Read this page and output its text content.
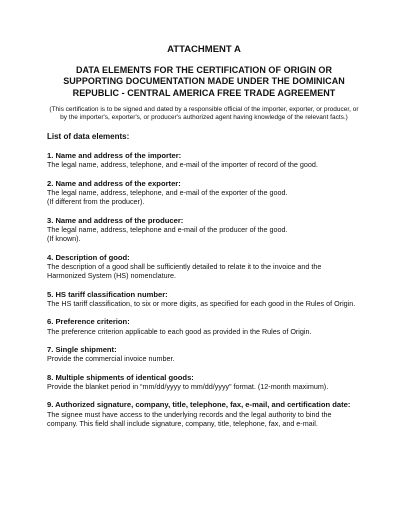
ATTACHMENT A

DATA ELEMENTS FOR THE CERTIFICATION OF ORIGIN OR SUPPORTING DOCUMENTATION MADE UNDER THE DOMINICAN REPUBLIC - CENTRAL AMERICA FREE TRADE AGREEMENT

(This certification is to be signed and dated by a responsible official of the importer, exporter, or producer, or by the importer's, exporter's, or producer's authorized agent having knowledge of the relevant facts.)

List of data elements:

1. Name and address of the importer:

The legal name, address, telephone, and e-mail of the importer of record of the good.

2. Name and address of the exporter:

The legal name, address, telephone, and e-mail of the exporter of the good.

(If different from the producer).

3. Name and address of the producer:

The legal name, address, telephone and e-mail of the producer of the good.

(If known).

4. Description of good:

The description of a good shall be sufficiently detailed to relate it to the invoice and the Harmonized System (HS) nomenclature.

5. HS tariff classification number:

The HS tariff classification, to six or more digits, as specified for each good in the Rules of Origin.

6. Preference criterion:

The preference criterion applicable to each good as provided in the Rules of Origin.

7. Single shipment:

Provide the commercial invoice number.

8. Multiple shipments of identical goods:

Provide the blanket period in “mm/dd/yyyy to mm/dd/yyyy” format. (12-month maximum).

9. Authorized signature, company, title, telephone, fax, e-mail, and certification date:

The signee must have access to the underlying records and the legal authority to bind the company. This field shall include signature, company, title, telephone, fax, and e-mail.
